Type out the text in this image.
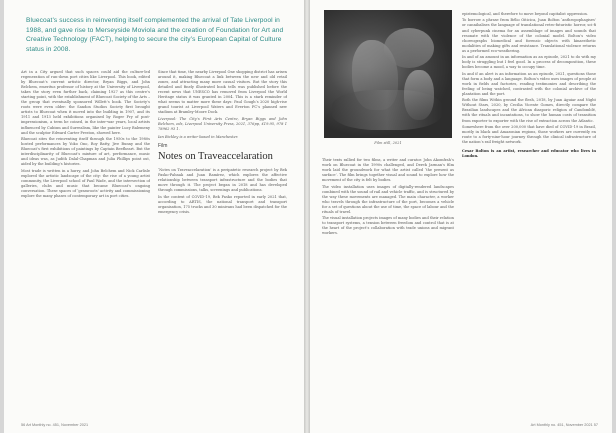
Bluecoat’s success in reinventing itself complemented the arrival of Tate Liverpool in 1988, and gave rise to Merseyside Moviola and the creation of Foundation for Art and Creative Technology (FACT), helping to secure the city’s European Capital of Culture status in 2008.

Art in a City argued that such spaces could aid the culture-led regeneration of run-down port cities like Liverpool. This book, edited by Bluecoat’s current artistic director, Bryan Biggs, and John Belchem, emeritus professor of history at the University of Liverpool, takes the story even further back, claiming 1927 as this centre’s starting point, with the establishment of Bluecoat Society of the Arts – the group that eventually sponsored Willett’s book. The Society’s roots were even older: the Sandon Studios Society first brought artists to Bluecoat when it moved into the building in 1907, and its 1911 and 1913 held exhibitions organised by Roger Fry of post-impressionism, a term he coined, in the inter-war years, local artists influenced by Cubism and Surrealism, like the painter Lucy Balemeny and the sculptor Edward Carter Preston, showed here.

Bluecoat sites the reinventing itself through the 1950s to the 1980s hosted performances by Yoko Ono, Roy Batty, Jive Bunny and the Bluecoat’s first exhibitions of paintings by Captain Beefheart. But the interdisciplinarity of Bluecoat’s mixture of art, performance, music and ideas was, as Judith Dalal-Chapman and Julia Phillips point out, aided by the building’s histories.

Most trade is written in a hurry, and John Belchem and Nick Carlisle explored the artistic landscape of the city: the rise of a young artist community, the Liverpool school of Paul Wade, and the intersection of galleries, clubs and music that became Bluecoat’s ongoing conversation. These spaces of ‘grassroots’ activity and commissioning explore the many phases of contemporary art in port cities.

Since that time, the nearby Liverpool One shopping district has arisen around it, making Bluecoat a link between the new and old retail zones, and attracting many more casual visitors. But the story this detailed and finely illustrated book tells was published before the recent news that UNESCO has removed from Liverpool the World Heritage status it was granted in 2004. This is a stark reminder of what seems to matter more these days: Paul Gough’s 2020 high-rise grand tourist at Liverpool Waters and Everton FC’s planned new stadium at Bramley-Moore Dock.

Liverpool: The City’s First Arts Centre, Bryan Biggs and John Belchem, eds, Liverpool University Press, 2021, 376pp, £19.95, 978 1 78962 93 1.

Ian Bickley is a writer based in Manchester.

Film

Notes on Traveaccelaration

‘Notes on Traveaccelaration’ is a peripatetic research project by Bek Pasko-Pahnak and Juan Ramírez, which explores the affective relationship between transport infrastructure and the bodies that move through it. The project began in 2018 and has developed through commissions, talks, screenings and publications.

In the context of COVID-19, Bek Pasko reported in early 2021 that, according to ARTIS, the national transport and transport organisation, 175 trucks and 30 minivans had been dispatched for the emergency crisis.

56 Art Monthly no. 451, November 2021
Film still, 2021

Their texts rallied for two films, a writer and curator. John Akomfrah’s work on Bluecoat in the 1990s challenged, and Derek Jarman’s film work laid the groundwork for what the artist called ‘the present as surface’. The film brings together visual and sound to explore how the movement of the city is felt by bodies.

The video installation uses images of digitally-rendered landscapes combined with the sound of rail and vehicle traffic, and is structured by the way these movements are managed. The main character, a worker who travels through the infrastructure of the port, becomes a vehicle for a set of questions about the use of time, the space of labour and the rituals of travel.

The visual installation projects images of many bodies and their relation to transport systems, a tension between freedom and control that is at the heart of the project’s collaboration with trade unions and migrant workers.

epistemological, and therefore to move beyond capitalist oppression.

To borrow a phrase from Bélio Oiticica, Juan Bolton ‘anthropophagises’ or cannibalises the language of translational retro-futuristic horror, sci-fi and cyberpunk cinema for an assemblage of images and sounds that resonate with the violence of the colonial model. Bolton’s video choreographs biomedical and forensic objects with kinaesthetic modalities of making gifts and resistance. Translational violence returns as a performed eco-weathering.

In and of an amount in an information as an episode, 2021 to do with my body is struggling but I feel good. In a process of decomposition, these bodies become a mood, a way to occupy time.

In and if an alert is an information as an episode, 2021, questions those that form a body and a language. Bolton’s video uses images of people at work in fields and factories, reading testimonies and describing the feeling of being watched, contrasted with the colonial archive of the plantation and the port.

Both the films Within ground the flesh, 2018, by Juan Aguiar and Night Without Stars, 2020, by Cecilia Vicente Gomes, directly compare the Brazilian landscapes and the African diasporic religion of Candomblé, with the rituals and incantations, to show the human costs of transition from exporter to exporter with the rise of extraction across the Atlantic.

Somewhere from the over 200,000 that have died of COVID-19 in Brazil, mostly in black and Amazonian regions, those workers are currently en route to a forty-nine-hour journey through the clinical infrastructure of the nation’s rail freight network.

Cesar Bolton is an artist, researcher and educator who lives in London.

Art Monthly no. 451, November 2021 57
